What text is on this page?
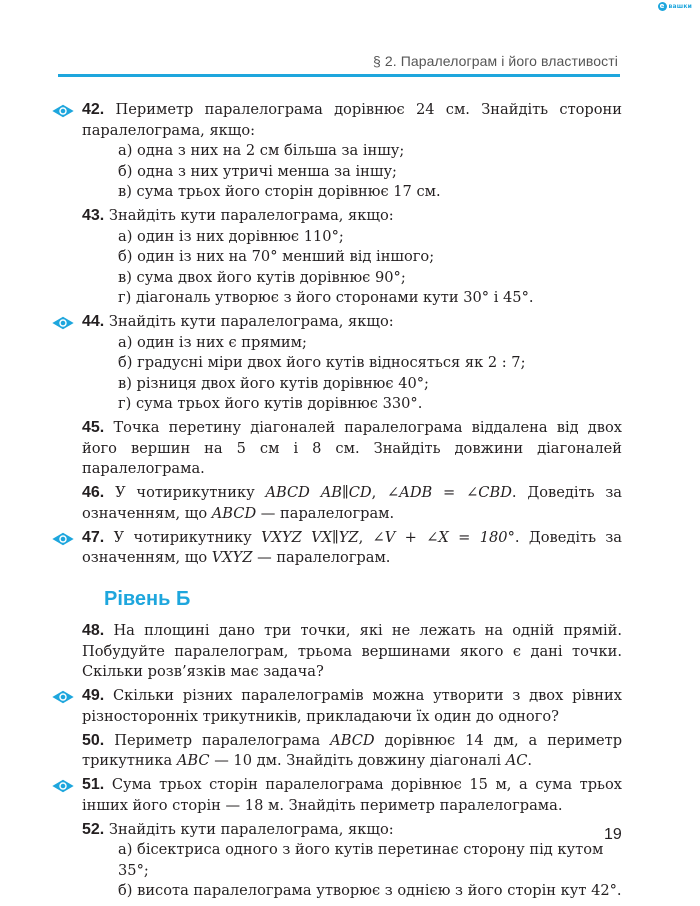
e вашки
§ 2. Паралелограм і його властивості

42. Периметр паралелограма дорівнює 24 см. Знайдіть сторони паралелограма, якщо:

а) одна з них на 2 см більша за іншу;

б) одна з них утричі менша за іншу;

в) сума трьох його сторін дорівнює 17 см.

43. Знайдіть кути паралелограма, якщо:

а) один із них дорівнює 110°;

б) один із них на 70° менший від іншого;

в) сума двох його кутів дорівнює 90°;

г) діагональ утворює з його сторонами кути 30° і 45°.

44. Знайдіть кути паралелограма, якщо:

а) один із них є прямим;

б) градусні міри двох його кутів відносяться як 2 : 7;

в) різниця двох його кутів дорівнює 40°;

г) сума трьох його кутів дорівнює 330°.

45. Точка перетину діагоналей паралелограма віддалена від двох його вершин на 5 см і 8 см. Знайдіть довжини діагоналей паралелограма.

46. У чотирикутнику ABCD AB∥CD, ∠ADB = ∠CBD. Доведіть за означенням, що ABCD — паралелограм.

47. У чотирикутнику VXYZ VX∥YZ, ∠V + ∠X = 180°. Доведіть за означенням, що VXYZ — паралелограм.

Рівень Б

48. На площині дано три точки, які не лежать на одній прямій. Побудуйте паралелограм, трьома вершинами якого є дані точки. Скільки розв’язків має задача?

49. Скільки різних паралелограмів можна утворити з двох рівних різносторонніх трикутників, прикладаючи їх один до одного?

50. Периметр паралелограма ABCD дорівнює 14 дм, а периметр трикутника ABC — 10 дм. Знайдіть довжину діагоналі AC.

51. Сума трьох сторін паралелограма дорівнює 15 м, а сума трьох інших його сторін — 18 м. Знайдіть периметр паралелограма.

52. Знайдіть кути паралелограма, якщо:

а) бісектриса одного з його кутів перетинає сторону під кутом 35°;

б) висота паралелограма утворює з однією з його сторін кут 42°.

19
